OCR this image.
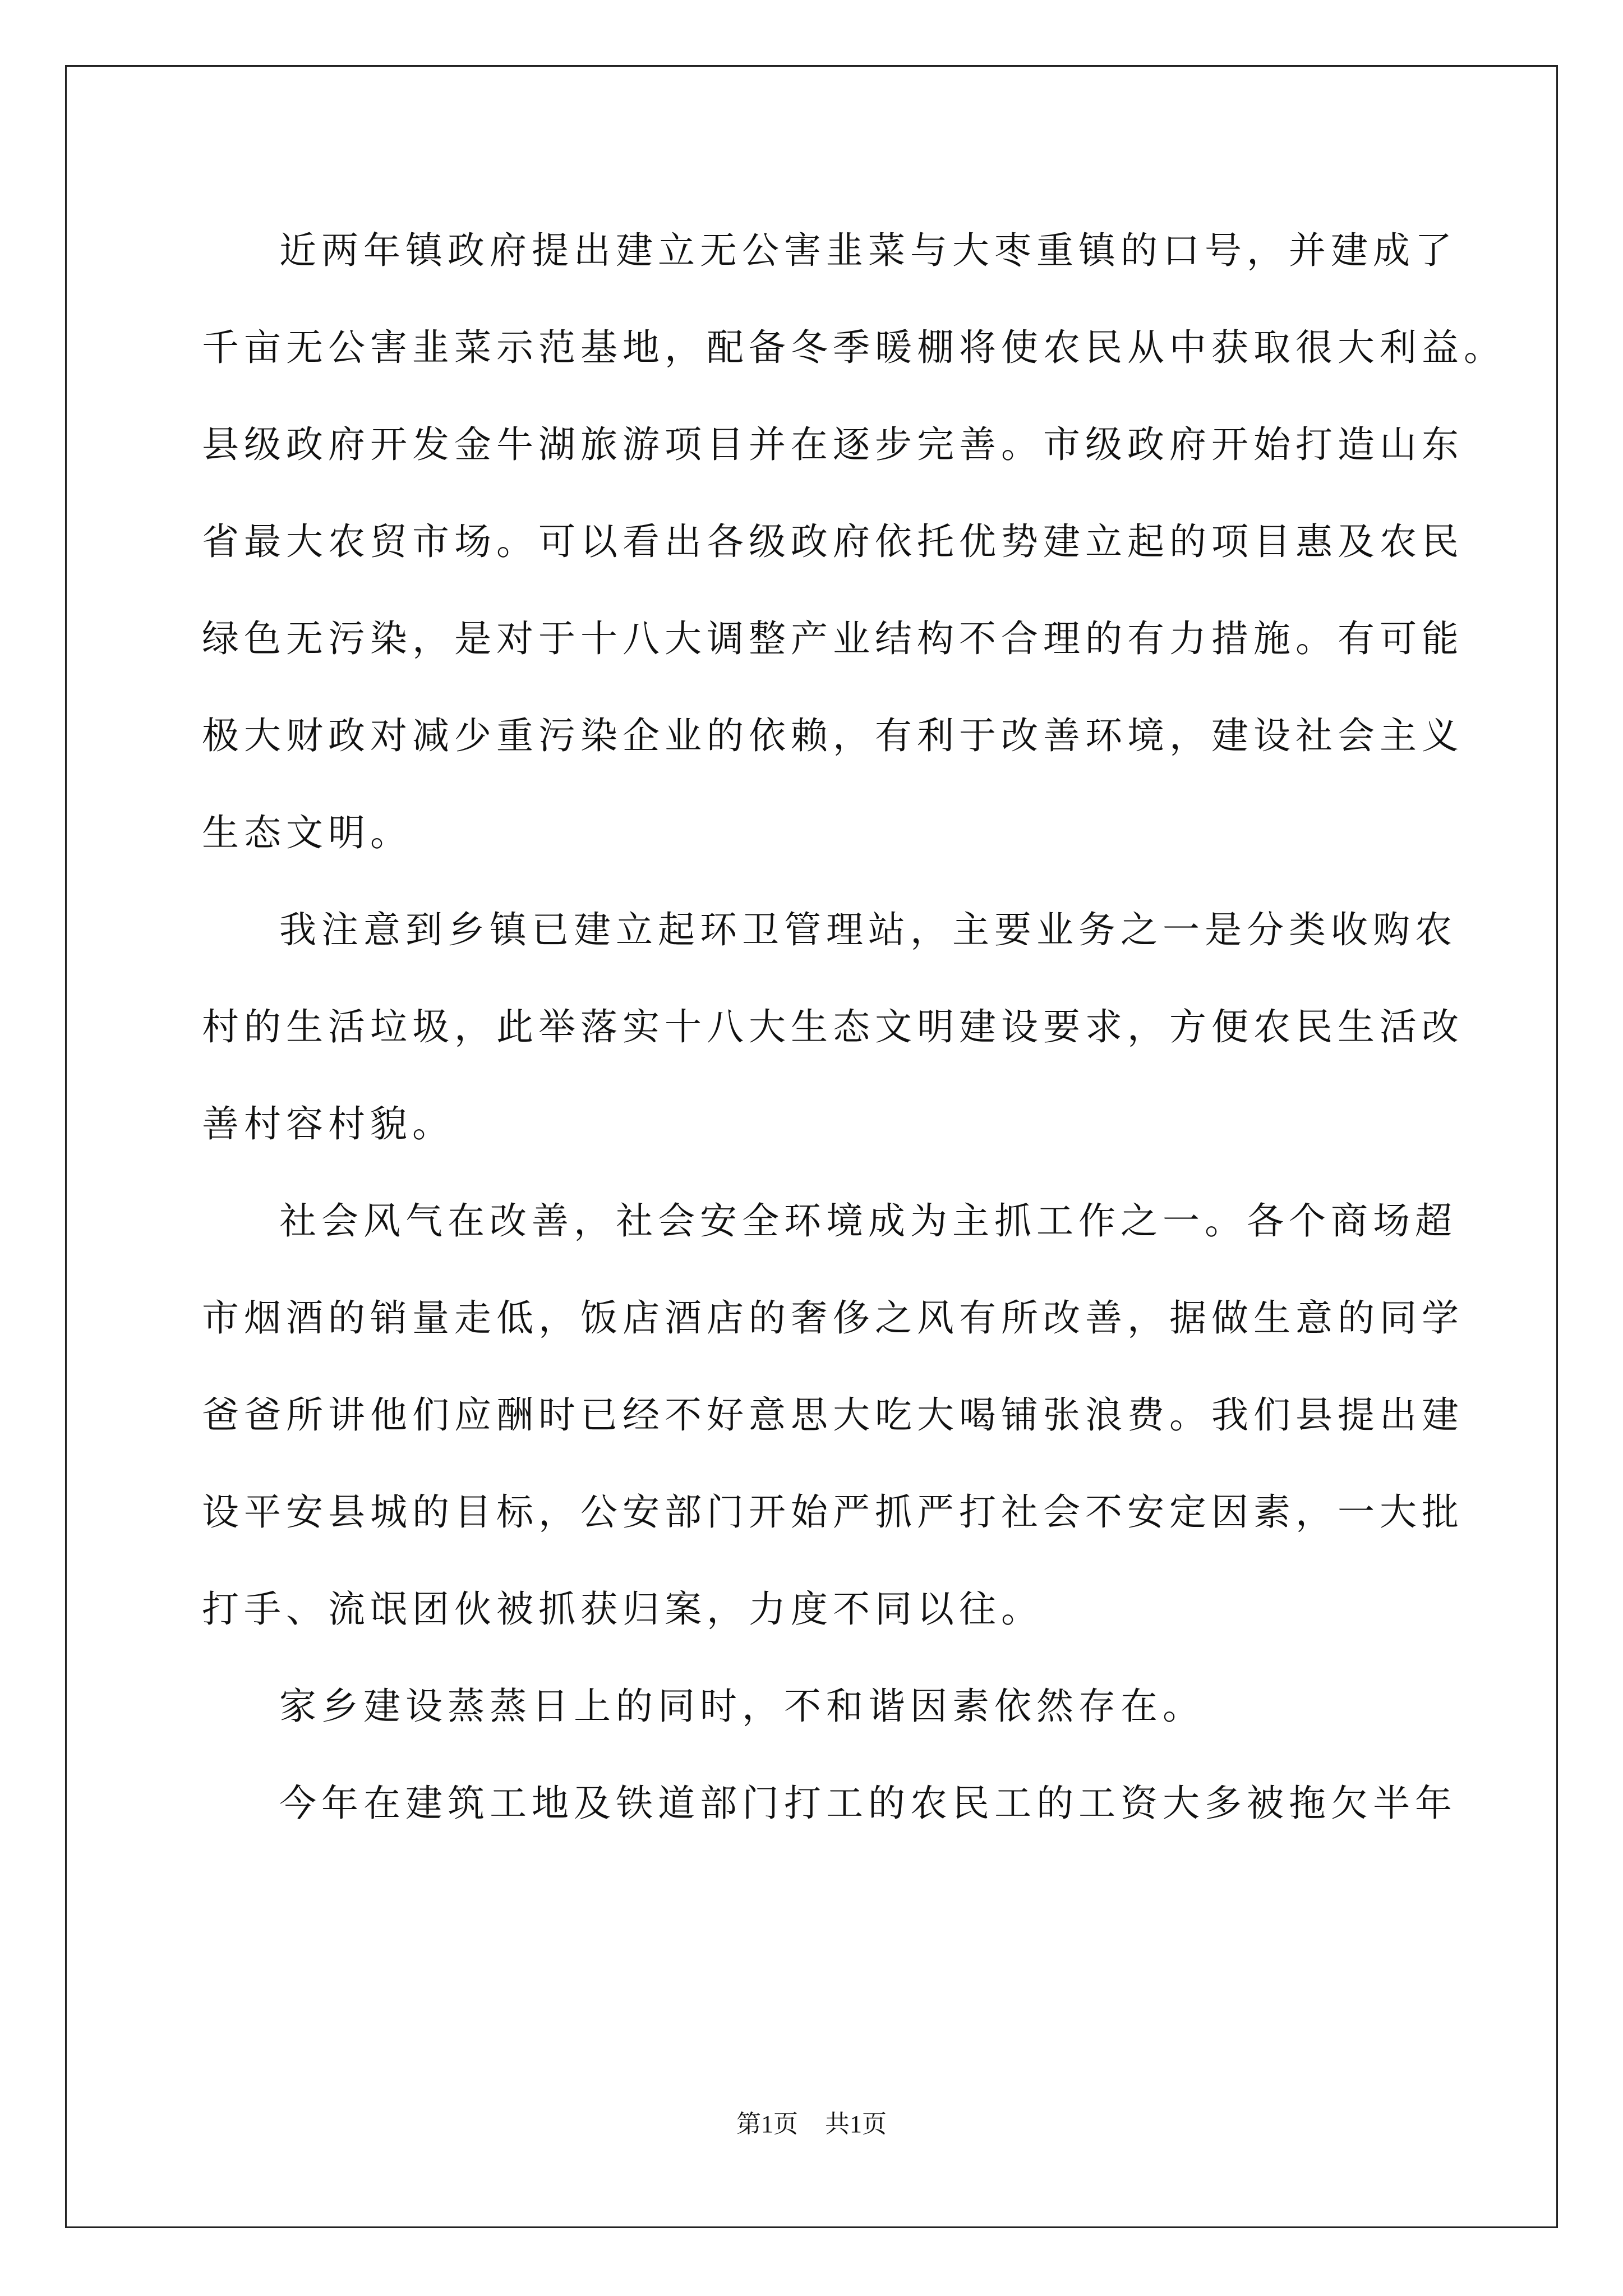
近两年镇政府提出建立无公害韭菜与大枣重镇的口号，并建成了
千亩无公害韭菜示范基地，配备冬季暖棚将使农民从中获取很大利益。
县级政府开发金牛湖旅游项目并在逐步完善。市级政府开始打造山东
省最大农贸市场。可以看出各级政府依托优势建立起的项目惠及农民
绿色无污染，是对于十八大调整产业结构不合理的有力措施。有可能
极大财政对减少重污染企业的依赖，有利于改善环境，建设社会主义
生态文明。
我注意到乡镇已建立起环卫管理站，主要业务之一是分类收购农
村的生活垃圾，此举落实十八大生态文明建设要求，方便农民生活改
善村容村貌。
社会风气在改善，社会安全环境成为主抓工作之一。各个商场超
市烟酒的销量走低，饭店酒店的奢侈之风有所改善，据做生意的同学
爸爸所讲他们应酬时已经不好意思大吃大喝铺张浪费。我们县提出建
设平安县城的目标，公安部门开始严抓严打社会不安定因素，一大批
打手、流氓团伙被抓获归案，力度不同以往。
家乡建设蒸蒸日上的同时，不和谐因素依然存在。
今年在建筑工地及铁道部门打工的农民工的工资大多被拖欠半年
第1页 共1页
